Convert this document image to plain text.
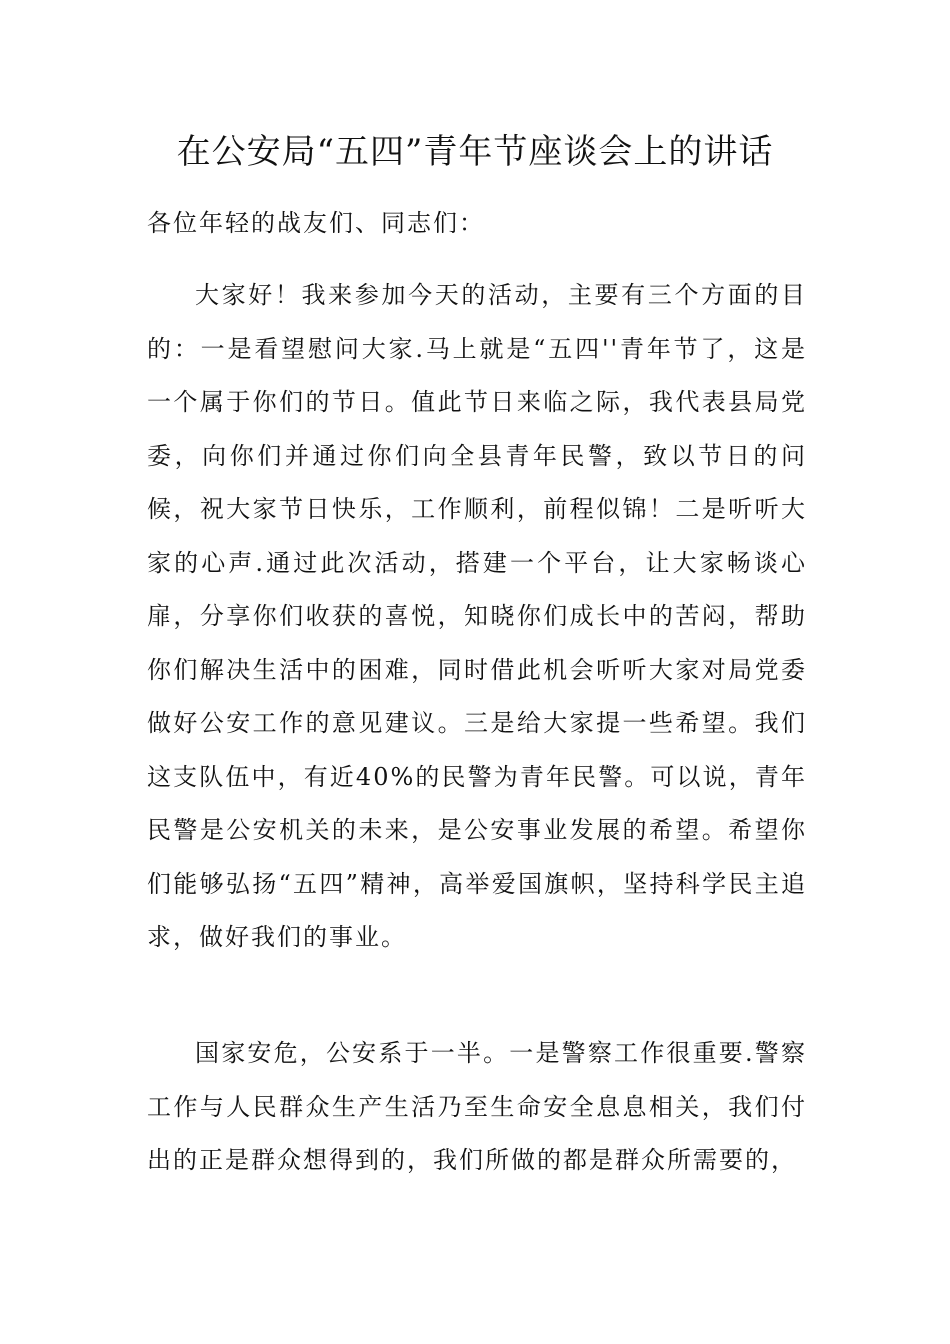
在公安局“五四”青年节座谈会上的讲话
各位年轻的战友们、同志们：

大家好！我来参加今天的活动，主要有三个方面的目的：一是看望慰问大家.马上就是“五四''青年节了，这是一个属于你们的节日。值此节日来临之际，我代表县局党委，向你们并通过你们向全县青年民警，致以节日的问候，祝大家节日快乐，工作顺利，前程似锦！二是听听大家的心声.通过此次活动，搭建一个平台，让大家畅谈心扉，分享你们收获的喜悦，知晓你们成长中的苦闷，帮助你们解决生活中的困难，同时借此机会听听大家对局党委做好公安工作的意见建议。三是给大家提一些希望。我们这支队伍中，有近40%的民警为青年民警。可以说，青年民警是公安机关的未来，是公安事业发展的希望。希望你们能够弘扬“五四”精神，高举爱国旗帜，坚持科学民主追求，做好我们的事业。

国家安危，公安系于一半。一是警察工作很重要.警察工作与人民群众生产生活乃至生命安全息息相关，我们付出的正是群众想得到的，我们所做的都是群众所需要的，
